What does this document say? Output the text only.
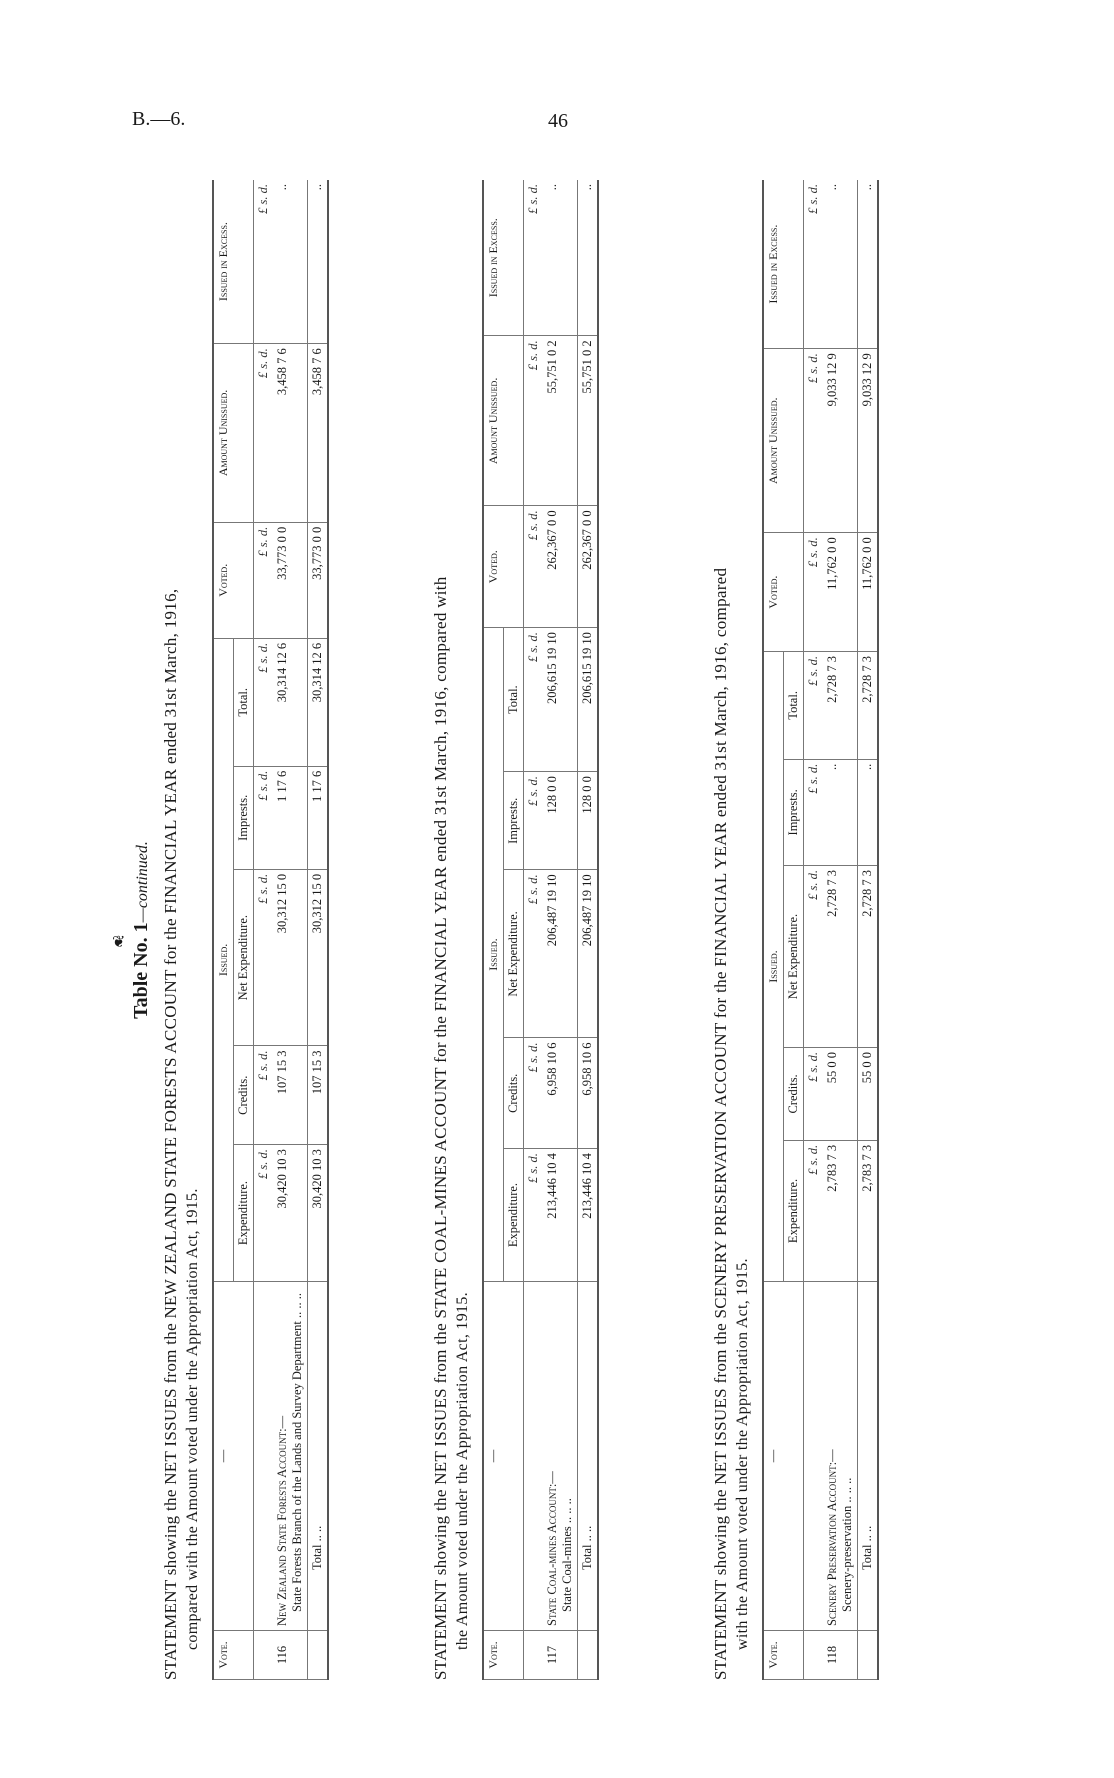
B.—6.	46
❦ Table No. 1—continued. STATEMENT showing the NET ISSUES from the NEW ZEALAND STATE FORESTS ACCOUNT for the FINANCIAL YEAR ended 31st March, 1916, compared with the Amount voted under the Appropriation Act, 1915.
Vote.	—	Issued.					Voted.	Amount Unissued.	Issued in Excess.
		Expenditure.	Credits.	Net Expenditure.	Imprests.	Total.			
		£ s. d.	£ s. d.	£ s. d.	£ s. d.	£ s. d.	£ s. d.	£ s. d.	£ s. d.
116	New Zealand State Forests Account:— State Forests Branch of the Lands and Survey Department .. .. ..	30,420 10 3	107 15 3	30,312 15 0	1 17 6	30,314 12 6	33,773 0 0	3,458 7 6	..
	Total .. ..	30,420 10 3	107 15 3	30,312 15 0	1 17 6	30,314 12 6	33,773 0 0	3,458 7 6	..
STATEMENT showing the NET ISSUES from the STATE COAL-MINES ACCOUNT for the FINANCIAL YEAR ended 31st March, 1916, compared with the Amount voted under the Appropriation Act, 1915.
Vote.	—	Issued.					Voted.	Amount Unissued.	Issued in Excess.
		Expenditure.	Credits.	Net Expenditure.	Imprests.	Total.			
		£ s. d.	£ s. d.	£ s. d.	£ s. d.	£ s. d.	£ s. d.	£ s. d.	£ s. d.
117	State Coal-mines Account:— State Coal-mines .. .. ..	213,446 10 4	6,958 10 6	206,487 19 10	128 0 0	206,615 19 10	262,367 0 0	55,751 0 2	..
	Total .. ..	213,446 10 4	6,958 10 6	206,487 19 10	128 0 0	206,615 19 10	262,367 0 0	55,751 0 2	..
STATEMENT showing the NET ISSUES from the SCENERY PRESERVATION ACCOUNT for the FINANCIAL YEAR ended 31st March, 1916, compared with the Amount voted under the Appropriation Act, 1915.
Vote.	—	Issued.					Voted.	Amount Unissued.	Issued in Excess.
		Expenditure.	Credits.	Net Expenditure.	Imprests.	Total.			
		£ s. d.	£ s. d.	£ s. d.	£ s. d.	£ s. d.	£ s. d.	£ s. d.	£ s. d.
118	Scenery Preservation Account:— Scenery-preservation .. .. ..	2,783 7 3	55 0 0	2,728 7 3	..	2,728 7 3	11,762 0 0	9,033 12 9	..
	Total .. ..	2,783 7 3	55 0 0	2,728 7 3	..	2,728 7 3	11,762 0 0	9,033 12 9	..
